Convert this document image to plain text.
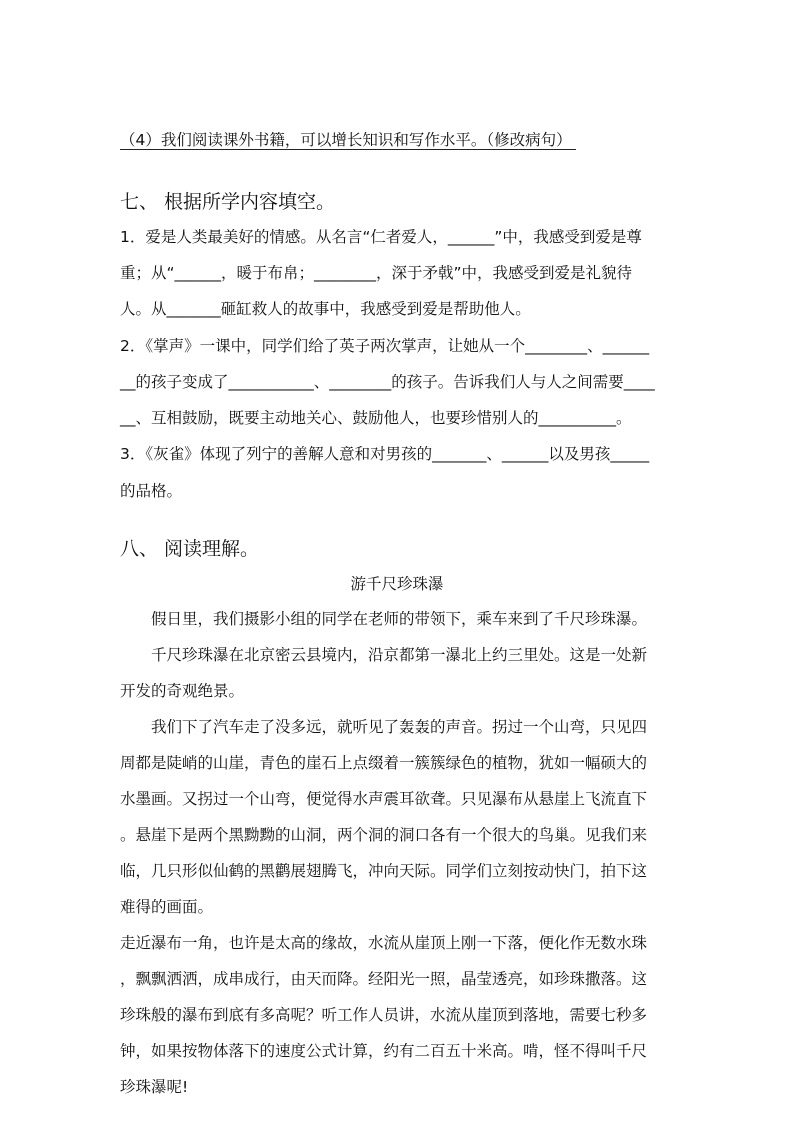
（4）我们阅读课外书籍，可以增长知识和写作水平。（修改病句）
七、 根据所学内容填空。
1．爱是人类最美好的情感。从名言“仁者爱人，______”中，我感受到爱是尊
重；从“______，暖于布帛；________，深于矛戟”中，我感受到爱是礼貌待
人。从_______砸缸救人的故事中，我感受到爱是帮助他人。
2．《掌声》一课中，同学们给了英子两次掌声，让她从一个________、______
__的孩子变成了___________、________的孩子。告诉我们人与人之间需要____
__、互相鼓励，既要主动地关心、鼓励他人，也要珍惜别人的__________。
3．《灰雀》体现了列宁的善解人意和对男孩的_______、______以及男孩_____
的品格。
八、 阅读理解。
游千尺珍珠瀑
　　假日里，我们摄影小组的同学在老师的带领下，乘车来到了千尺珍珠瀑。
　　千尺珍珠瀑在北京密云县境内，沿京都第一瀑北上约三里处。这是一处新
开发的奇观绝景。
　　我们下了汽车走了没多远，就听见了轰轰的声音。拐过一个山弯，只见四
周都是陡峭的山崖，青色的崖石上点缀着一簇簇绿色的植物，犹如一幅硕大的
水墨画。又拐过一个山弯，便觉得水声震耳欲聋。只见瀑布从悬崖上飞流直下
。悬崖下是两个黑黝黝的山洞，两个洞的洞口各有一个很大的鸟巢。见我们来
临，几只形似仙鹤的黑鹳展翅腾飞，冲向天际。同学们立刻按动快门，拍下这
难得的画面。
走近瀑布一角，也许是太高的缘故，水流从崖顶上刚一下落，便化作无数水珠
，飘飘洒洒，成串成行，由天而降。经阳光一照，晶莹透亮，如珍珠撒落。这
珍珠般的瀑布到底有多高呢？听工作人员讲，水流从崖顶到落地，需要七秒多
钟，如果按物体落下的速度公式计算，约有二百五十米高。啃，怪不得叫千尺
珍珠瀑呢!
